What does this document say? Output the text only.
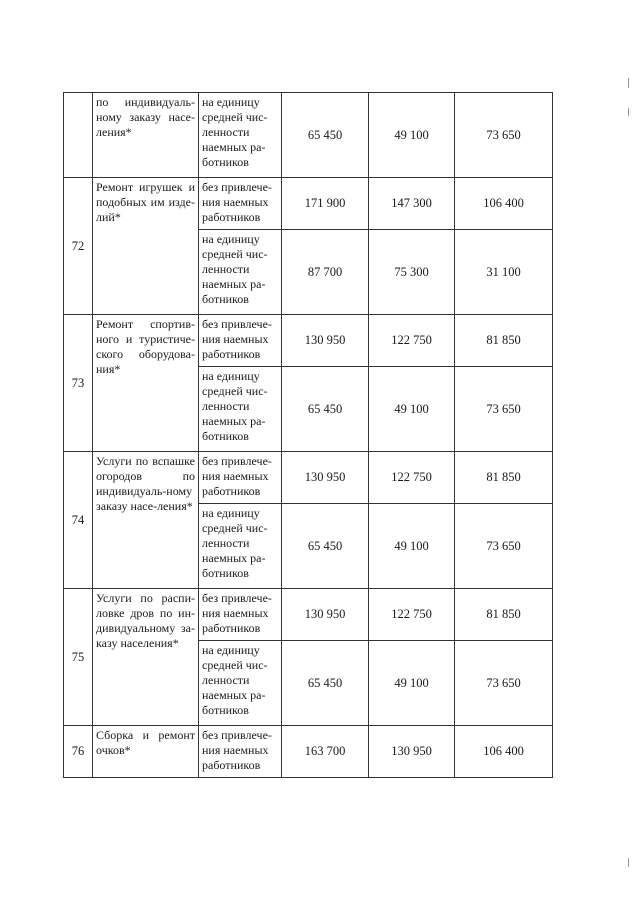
	по индивидуаль-ному заказу насе-ления*	на единицу
средней чис-
ленности
наемных ра-
ботников	65 450	49 100	73 650
72	Ремонт игрушек и подобных им изде-лий*	без привлече-
ния наемных
работников	171 900	147 300	106 400
		на единицу
средней чис-
ленности
наемных ра-
ботников	87 700	75 300	31 100
73	Ремонт спортив-ного и туристиче-ского оборудова-ния*	без привлече-
ния наемных
работников	130 950	122 750	81 850
		на единицу
средней чис-
ленности
наемных ра-
ботников	65 450	49 100	73 650
74	Услуги по вспашке огородов по индивидуаль-ному заказу насе-ления*	без привлече-
ния наемных
работников	130 950	122 750	81 850
		на единицу
средней чис-
ленности
наемных ра-
ботников	65 450	49 100	73 650
75	Услуги по распи-ловке дров по ин-дивидуальному за-казу населения*	без привлече-
ния наемных
работников	130 950	122 750	81 850
		на единицу
средней чис-
ленности
наемных ра-
ботников	65 450	49 100	73 650
76	Сборка и ремонт очков*	без привлече-
ния наемных
работников	163 700	130 950	106 400
